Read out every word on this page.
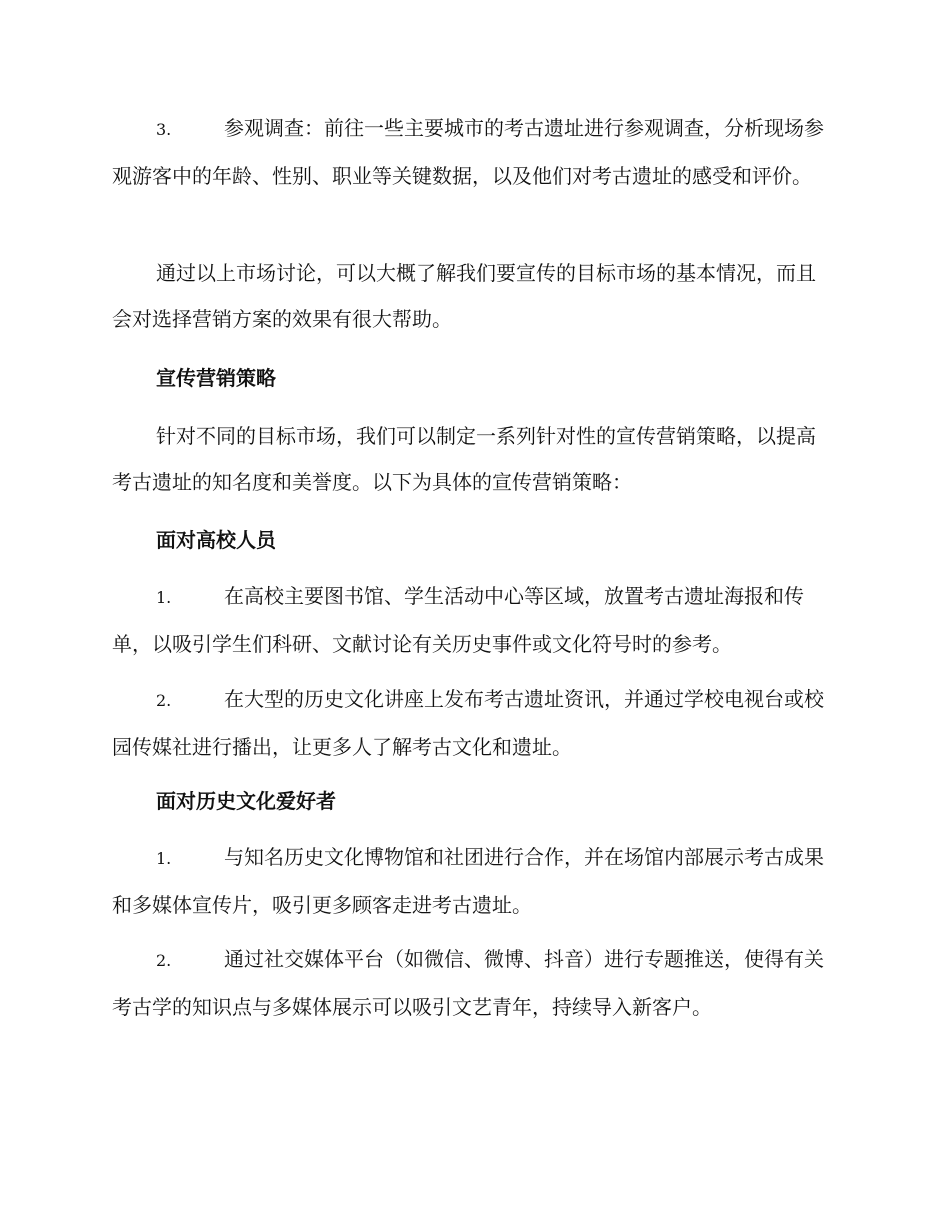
3.	参观调查：前往一些主要城市的考古遗址进行参观调查，分析现场参观游客中的年龄、性别、职业等关键数据，以及他们对考古遗址的感受和评价。

通过以上市场讨论，可以大概了解我们要宣传的目标市场的基本情况，而且会对选择营销方案的效果有很大帮助。

宣传营销策略

针对不同的目标市场，我们可以制定一系列针对性的宣传营销策略，以提高考古遗址的知名度和美誉度。以下为具体的宣传营销策略：

面对高校人员

1.	在高校主要图书馆、学生活动中心等区域，放置考古遗址海报和传单，以吸引学生们科研、文献讨论有关历史事件或文化符号时的参考。

2.	在大型的历史文化讲座上发布考古遗址资讯，并通过学校电视台或校园传媒社进行播出，让更多人了解考古文化和遗址。

面对历史文化爱好者

1.	与知名历史文化博物馆和社团进行合作，并在场馆内部展示考古成果和多媒体宣传片，吸引更多顾客走进考古遗址。

2.	通过社交媒体平台（如微信、微博、抖音）进行专题推送，使得有关考古学的知识点与多媒体展示可以吸引文艺青年，持续导入新客户。
